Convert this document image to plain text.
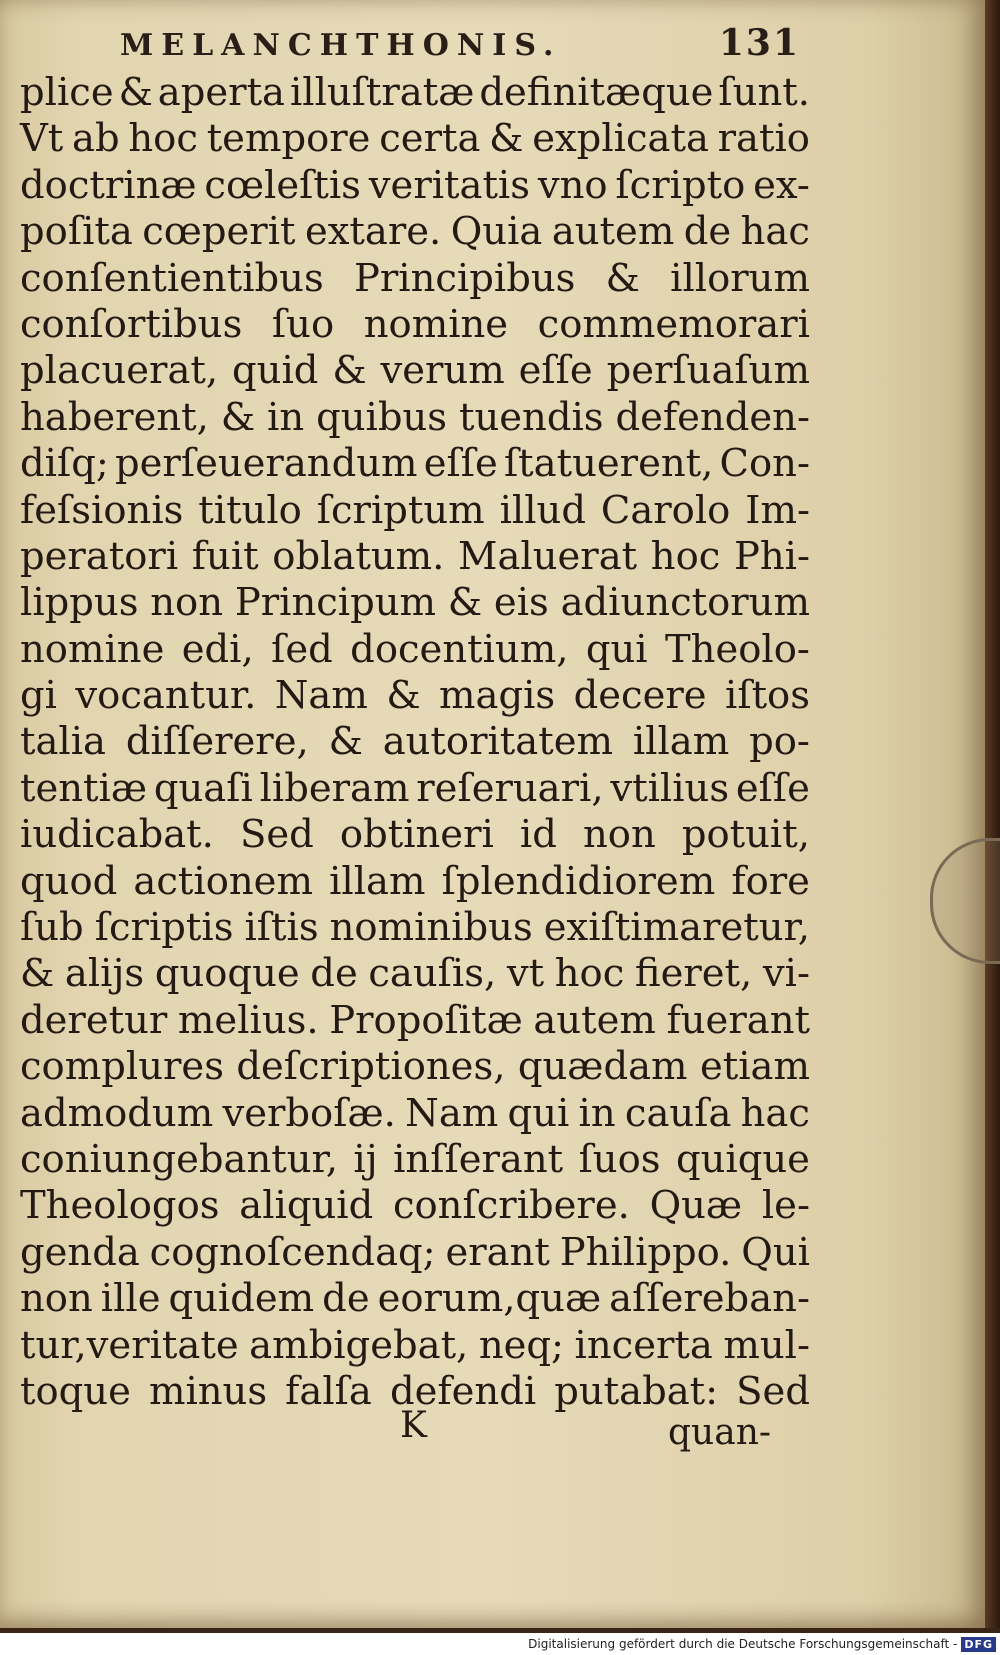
MELANCHTHONIS.	131
plice & aperta illuſtratæ definitæque ſunt.
Vt ab hoc tempore certa & explicata ratio
doctrinæ cœleſtis veritatis vno ſcripto ex-
poſita cœperit extare. Quia autem de hac
conſentientibus Principibus & illorum
conſortibus ſuo nomine commemorari
placuerat, quid & verum eſſe perſuaſum
haberent, & in quibus tuendis defenden-
diſq; perſeuerandum eſſe ſtatuerent, Con-
feſsionis titulo ſcriptum illud Carolo Im-
peratori fuit oblatum. Maluerat hoc Phi-
lippus non Principum & eis adiunctorum
nomine edi, ſed docentium, qui Theolo-
gi vocantur. Nam & magis decere iſtos
talia diſſerere, & autoritatem illam po-
tentiæ quaſi liberam reſeruari, vtilius eſſe
iudicabat. Sed obtineri id non potuit,
quod actionem illam ſplendidiorem fore
ſub ſcriptis iſtis nominibus exiſtimaretur,
& alijs quoque de cauſis, vt hoc fieret, vi-
deretur melius. Propoſitæ autem fuerant
complures deſcriptiones, quædam etiam
admodum verboſæ. Nam qui in cauſa hac
coniungebantur, ij inſſerant ſuos quique
Theologos aliquid conſcribere. Quæ le-
genda cognoſcendaq; erant Philippo. Qui
non ille quidem de eorum,quæ aſſereban-
tur,veritate ambigebat, neq; incerta mul-
toque minus falſa defendi putabat: Sed
K	quan-
Digitalisierung gefördert durch die Deutsche Forschungsgemeinschaft - DFG
